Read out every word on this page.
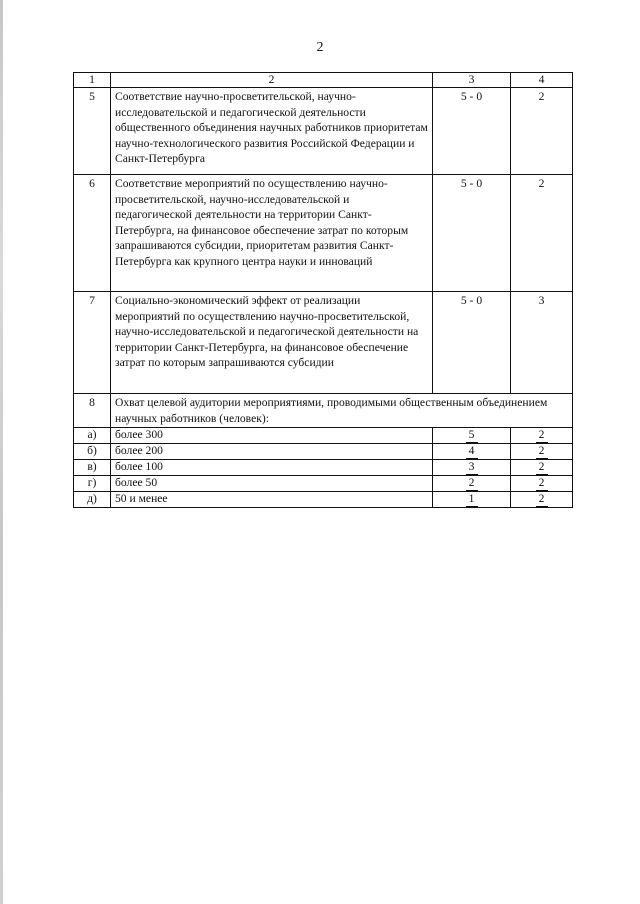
2
1	2	3	4
5	Соответствие научно-просветительской, научно-исследовательской и педагогической деятельности общественного объединения научных работников приоритетам научно-технологического развития Российской Федерации и Санкт-Петербурга	5 - 0	2
6	Соответствие мероприятий по осуществлению научно-просветительской, научно-исследовательской и педагогической деятельности на территории Санкт-Петербурга, на финансовое обеспечение затрат по которым запрашиваются субсидии, приоритетам развития Санкт-Петербурга как крупного центра науки и инноваций	5 - 0	2
7	Социально-экономический эффект от реализации мероприятий по осуществлению научно-просветительской, научно-исследовательской и педагогической деятельности на территории Санкт-Петербурга, на финансовое обеспечение затрат по которым запрашиваются субсидии	5 - 0	3
8	Охват целевой аудитории мероприятиями, проводимыми общественным объединением научных работников (человек):		
а)	более 300	5	2
б)	более 200	4	2
в)	более 100	3	2
г)	более 50	2	2
д)	50 и менее	1	2
